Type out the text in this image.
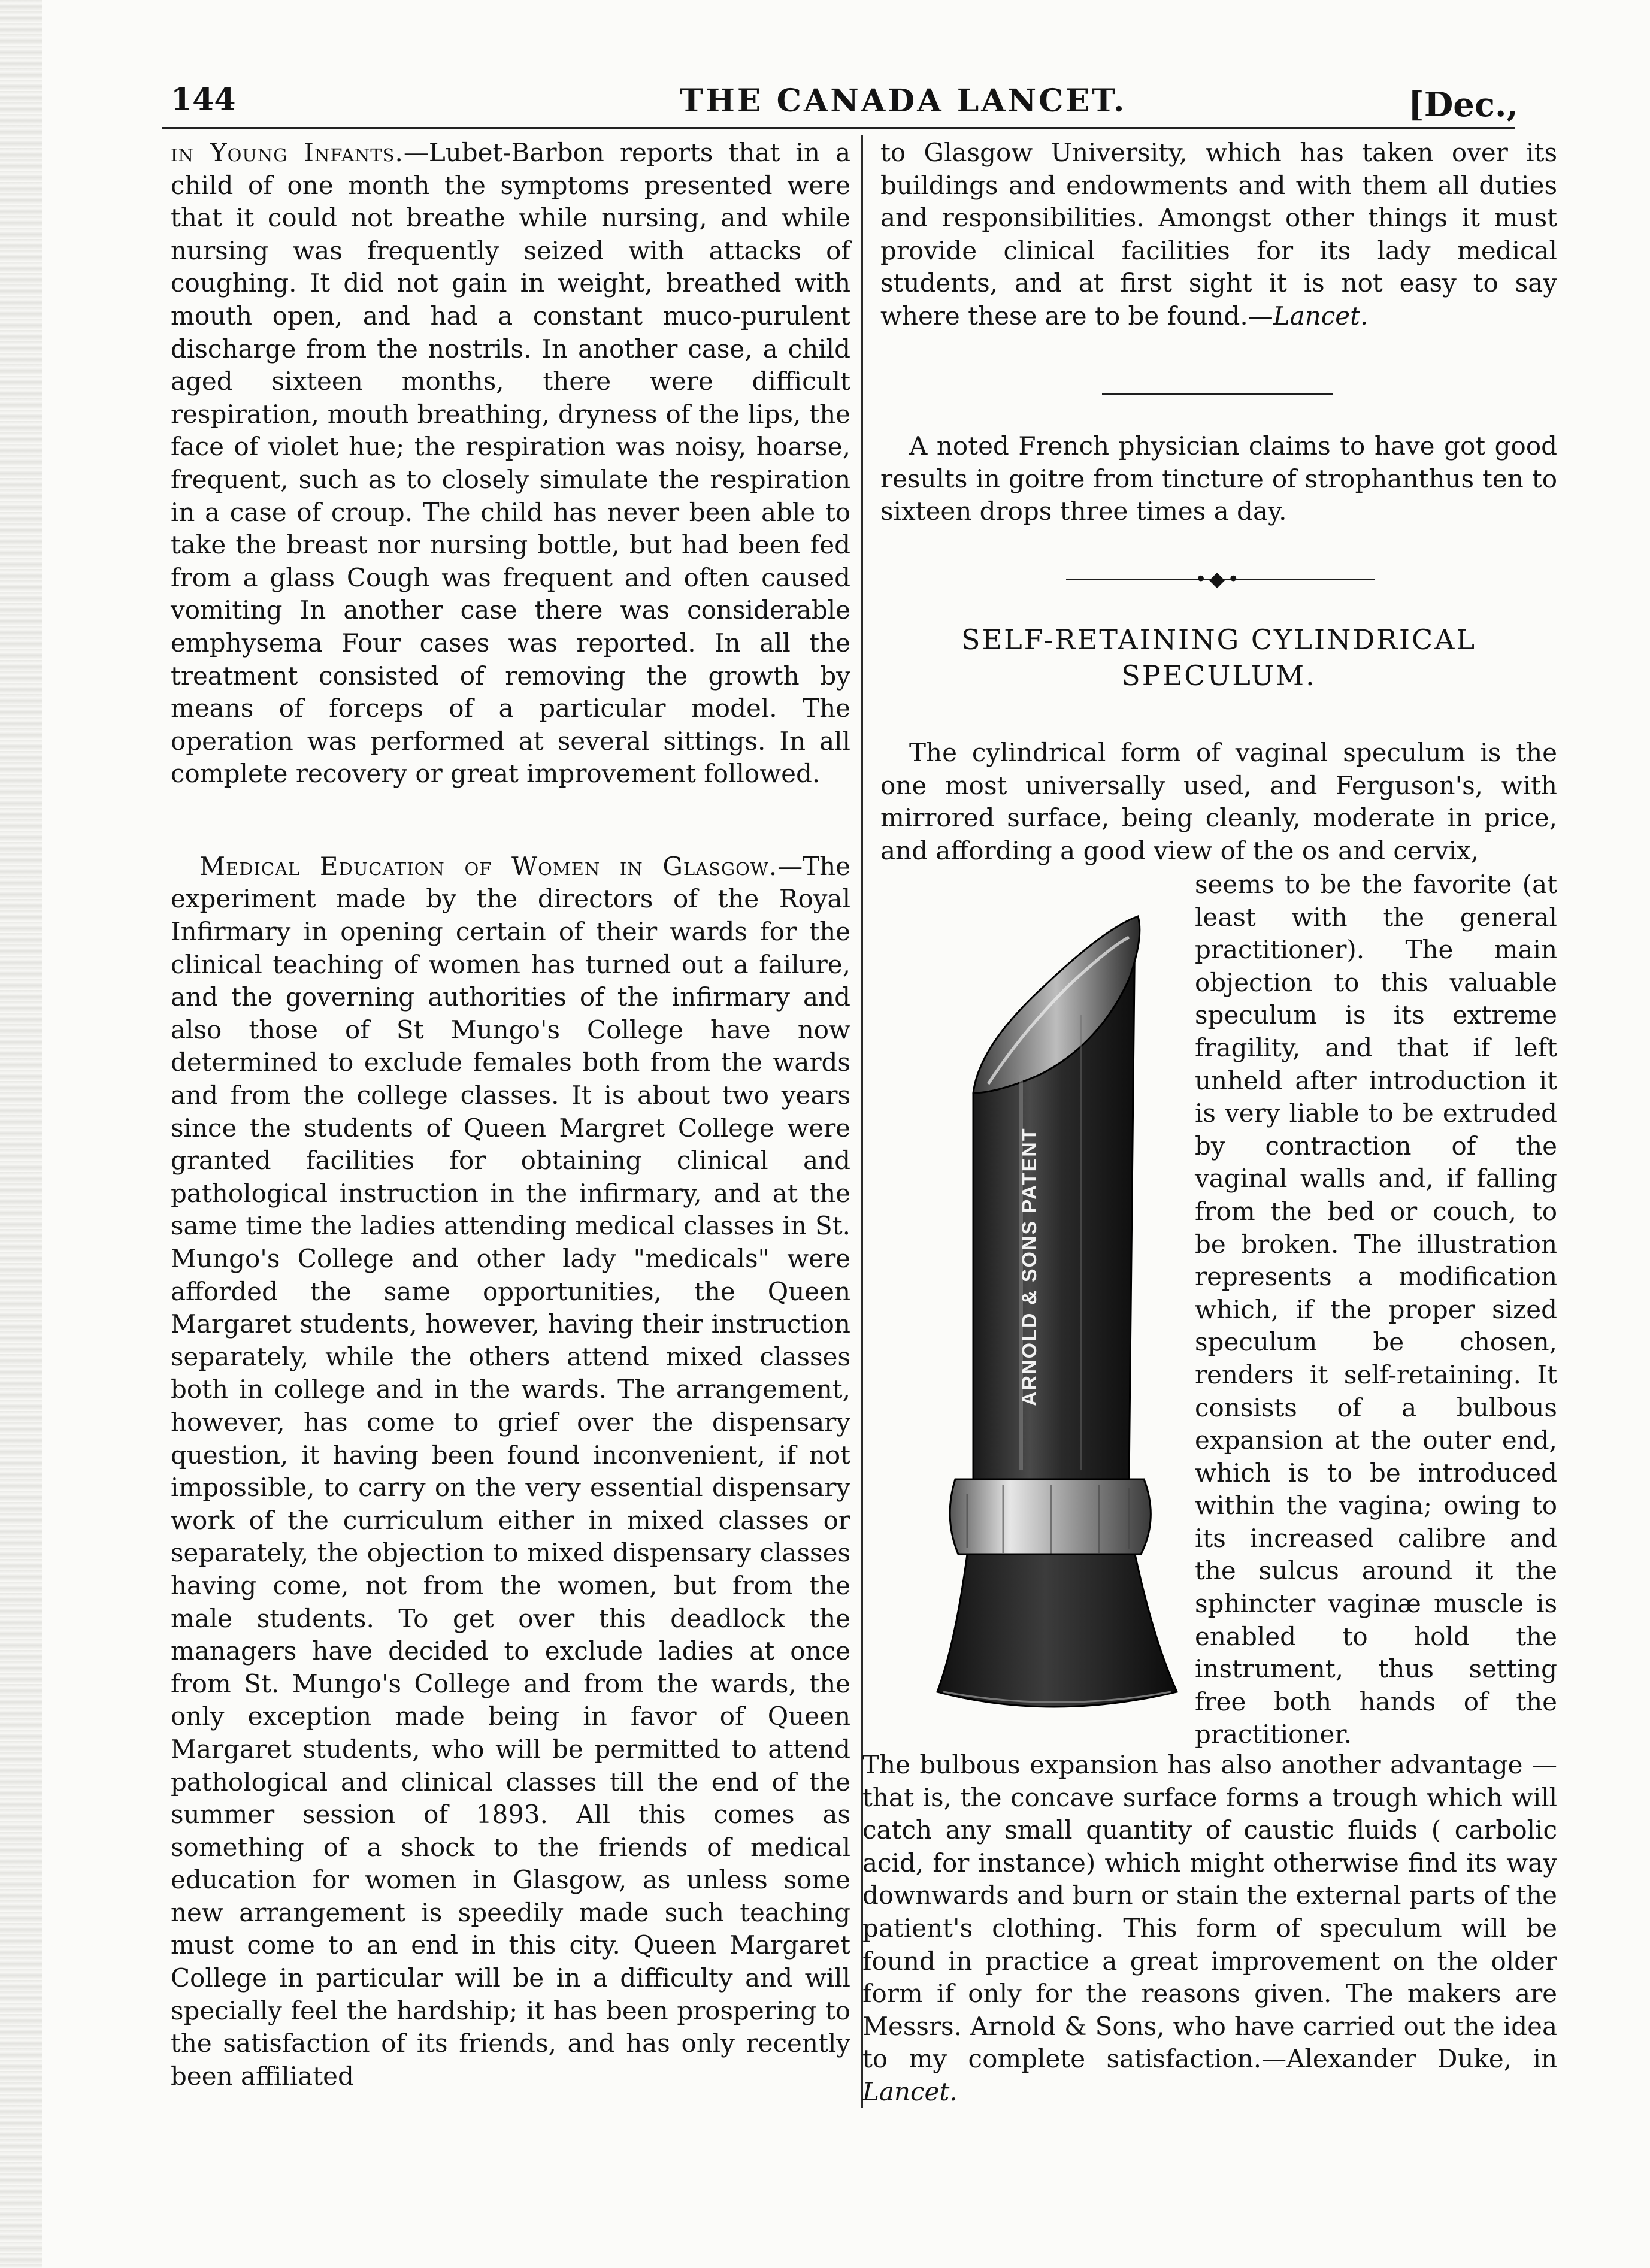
144	THE CANADA LANCET.	[Dec.,

in Young Infants.—Lubet-Barbon reports that in a child of one month the symptoms presented were that it could not breathe while nursing, and while nursing was frequently seized with attacks of coughing. It did not gain in weight, breathed with mouth open, and had a constant muco-purulent discharge from the nostrils. In another case, a child aged sixteen months, there were difficult respiration, mouth breathing, dryness of the lips, the face of violet hue; the respiration was noisy, hoarse, frequent, such as to closely simulate the respiration in a case of croup. The child has never been able to take the breast nor nursing bottle, but had been fed from a glass Cough was frequent and often caused vomiting In another case there was considerable emphysema Four cases was reported. In all the treatment consisted of removing the growth by means of forceps of a particular model. The operation was performed at several sittings. In all complete recovery or great improvement followed.

Medical Education of Women in Glasgow.—The experiment made by the directors of the Royal Infirmary in opening certain of their wards for the clinical teaching of women has turned out a failure, and the governing authorities of the infirmary and also those of St Mungo's College have now determined to exclude females both from the wards and from the college classes. It is about two years since the students of Queen Margret College were granted facilities for obtaining clinical and pathological instruction in the infirmary, and at the same time the ladies attending medical classes in St. Mungo's College and other lady "medicals" were afforded the same opportunities, the Queen Margaret students, however, having their instruction separately, while the others attend mixed classes both in college and in the wards. The arrangement, however, has come to grief over the dispensary question, it having been found inconvenient, if not impossible, to carry on the very essential dispensary work of the curriculum either in mixed classes or separately, the objection to mixed dispensary classes having come, not from the women, but from the male students. To get over this deadlock the managers have decided to exclude ladies at once from St. Mungo's College and from the wards, the only exception made being in favor of Queen Margaret students, who will be permitted to attend pathological and clinical classes till the end of the summer session of 1893. All this comes as something of a shock to the friends of medical education for women in Glasgow, as unless some new arrangement is speedily made such teaching must come to an end in this city. Queen Margaret College in particular will be in a difficulty and will specially feel the hardship; it has been prospering to the satisfaction of its friends, and has only recently been affiliated

to Glasgow University, which has taken over its buildings and endowments and with them all duties and responsibilities. Amongst other things it must provide clinical facilities for its lady medical students, and at first sight it is not easy to say where these are to be found.—Lancet.

A noted French physician claims to have got good results in goitre from tincture of strophanthus ten to sixteen drops three times a day.

•◆•
SELF-RETAINING CYLINDRICAL
SPECULUM.

The cylindrical form of vaginal speculum is the one most universally used, and Ferguson's, with mirrored surface, being cleanly, moderate in price, and affording a good view of the os and cervix,

ARNOLD & SONS PATENT

seems to be the favorite (at least with the general practitioner). The main objection to this valuable speculum is its extreme fragility, and that if left unheld after introduction it is very liable to be extruded by contraction of the vaginal walls and, if falling from the bed or couch, to be broken. The illustration represents a modification which, if the proper sized speculum be chosen, renders it self-retaining. It consists of a bulbous expansion at the outer end, which is to be introduced within the vagina; owing to its increased calibre and the sulcus around it the sphincter vaginæ muscle is enabled to hold the instrument, thus setting free both hands of the practitioner.

The bulbous expansion has also another advantage —that is, the concave surface forms a trough which will catch any small quantity of caustic fluids ( carbolic acid, for instance) which might otherwise find its way downwards and burn or stain the external parts of the patient's clothing. This form of speculum will be found in practice a great improvement on the older form if only for the reasons given. The makers are Messrs. Arnold & Sons, who have carried out the idea to my complete satisfaction.—Alexander Duke, in Lancet.
